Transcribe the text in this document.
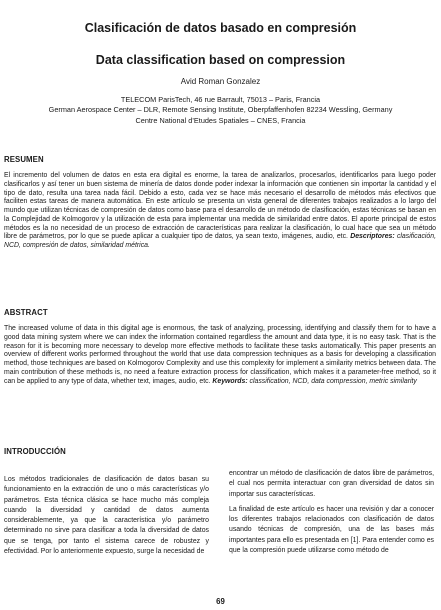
Clasificación de datos basado en compresión
Data classification based on compression
Avid Roman Gonzalez
TELECOM ParisTech, 46 rue Barrault, 75013 – Paris, Francia
German Aerospace Center – DLR, Remote Sensing Institute, Oberpfaffenhofen 82234 Wessling, Germany
Centre National d’Etudes Spatiales – CNES, Francia
RESUMEN
El incremento del volumen de datos en esta era digital es enorme, la tarea de analizarlos, procesarlos, identificarlos para luego poder clasificarlos y así tener un buen sistema de minería de datos donde poder indexar la información que contienen sin importar la cantidad y el tipo de dato, resulta una tarea nada fácil. Debido a esto, cada vez se hace más necesario el desarrollo de métodos más efectivos que faciliten estas tareas de manera automática. En este artículo se presenta un vista general de diferentes trabajos realizados a lo largo del mundo que utilizan técnicas de compresión de datos como base para el desarrollo de un método de clasificación, estas técnicas se basan en la Complejidad de Kolmogorov y la utilización de esta para implementar una medida de similaridad entre datos. El aporte principal de estos métodos es la no necesidad de un proceso de extracción de características para realizar la clasificación, lo cual hace que sea un método libre de parámetros, por lo que se puede aplicar a cualquier tipo de datos, ya sean texto, imágenes, audio, etc. Descriptores: clasificación, NCD, compresión de datos, similaridad métrica.
ABSTRACT
The increased volume of data in this digital age is enormous, the task of analyzing, processing, identifying and classify them for to have a good data mining system where we can index the information contained regardless the amount and data type, it is no easy task. That is the reason for it is becoming more necessary to develop more effective methods to facilitate these tasks automatically. This paper presents an overview of different works performed throughout the world that use data compression techniques as a basis for developing a classification method, those techniques are based on Kolmogorov Complexity and use this complexity for implement a similarity metrics between data. The main contribution of these methods is, no need a feature extraction process for classification, which makes it a parameter-free method, so it can be applied to any type of data, whether text, images, audio, etc. Keywords: classification, NCD, data compression, metric similarity
INTRODUCCIÓN

Los métodos tradicionales de clasificación de datos basan su funcionamiento en la extracción de uno o más características y/o parámetros. Esta técnica clásica se hace mucho más compleja cuando la diversidad y cantidad de datos aumenta considerablemente, ya que la característica y/o parámetro determinado no sirve para clasificar a toda la diversidad de datos que se tenga, por tanto el sistema carece de robustez y efectividad. Por lo anteriormente expuesto, surge la necesidad de

encontrar un método de clasificación de datos libre de parámetros, el cual nos permita interactuar con gran diversidad de datos sin importar sus características.

La finalidad de este artículo es hacer una revisión y dar a conocer los diferentes trabajos relacionados con clasificación de datos usando técnicas de compresión, una de las bases más importantes para ello es presentada en [1]. Para entender como es que la compresión puede utilizarse como método de

69
